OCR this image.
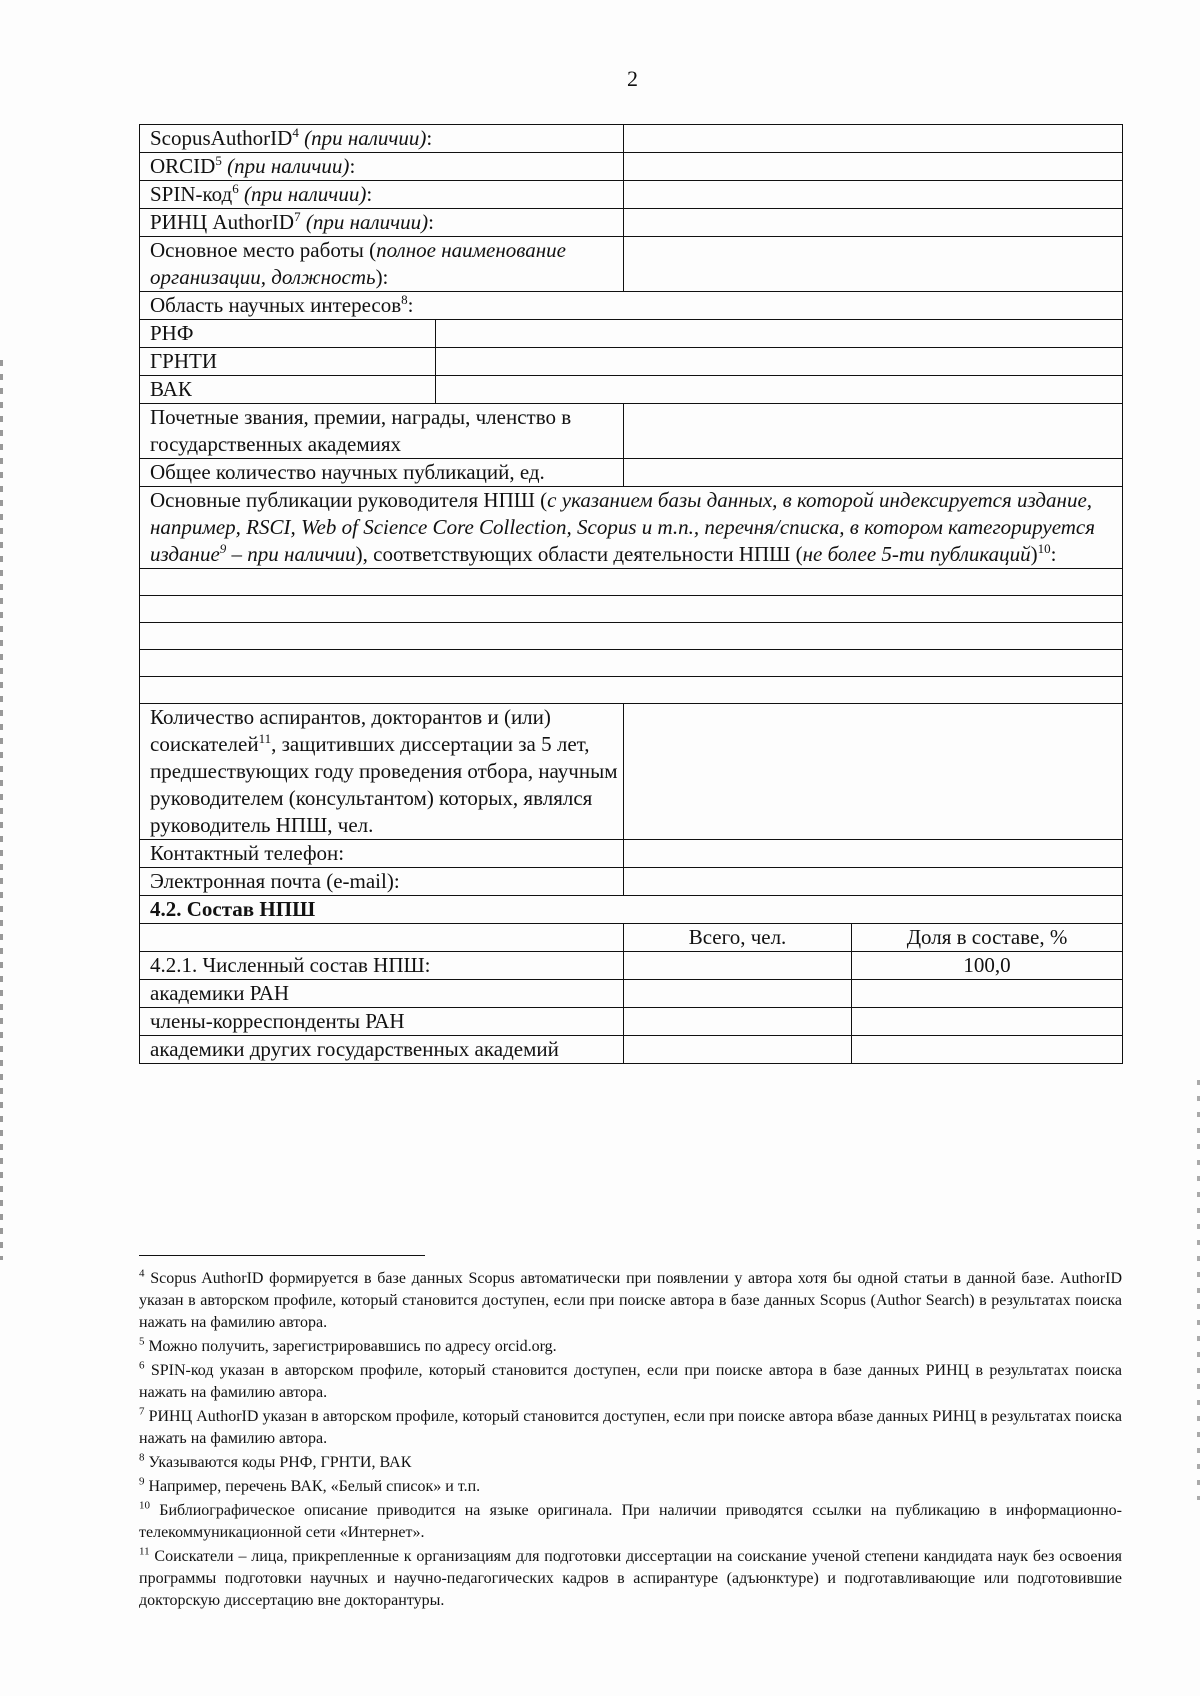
2
ScopusAuthorID$^4$ (при наличии):			
ORCID$^5$ (при наличии):			
SPIN-код$^6$ (при наличии):			
РИНЦ AuthorID$^7$ (при наличии):			
Основное место работы (полное наименование организации, должность):			
Область научных интересов$^8$:			
РНФ			
ГРНТИ			
ВАК			
Почетные звания, премии, награды, членство в государственных академиях			
Общее количество научных публикаций, ед.			
Основные публикации руководителя НПШ (с указанием базы данных, в которой индексируется издание, например, RSCI, Web of Science Core Collection, Scopus и т.п., перечня/списка, в котором категорируется издание$^9$ – при наличии), соответствующих области деятельности НПШ (не более 5-ти публикаций)$^{10}$:			

Количество аспирантов, докторантов и (или) соискателей$^{11}$, защитивших диссертации за 5 лет, предшествующих году проведения отбора, научным руководителем (консультантом) которых, являлся руководитель НПШ, чел.			
Контактный телефон:			
Электронная почта (e-mail):			
4.2. Состав НПШ			
		Всего, чел.	Доля в составе, %
4.2.1. Численный состав НПШ:			100,0
академики РАН			
члены-корреспонденты РАН			
академики других государственных академий			

$^4$ Scopus AuthorID формируется в базе данных Scopus автоматически при появлении у автора хотя бы одной статьи в данной базе. AuthorID указан в авторском профиле, который становится доступен, если при поиске автора в базе данных Scopus (Author Search) в результатах поиска нажать на фамилию автора.

$^5$ Можно получить, зарегистрировавшись по адресу orcid.org.

$^6$ SPIN-код указан в авторском профиле, который становится доступен, если при поиске автора в базе данных РИНЦ в результатах поиска нажать на фамилию автора.

$^7$ РИНЦ AuthorID указан в авторском профиле, который становится доступен, если при поиске автора вбазе данных РИНЦ в результатах поиска нажать на фамилию автора.

$^8$ Указываются коды РНФ, ГРНТИ, ВАК

$^9$ Например, перечень ВАК, «Белый список» и т.п.

$^{10}$ Библиографическое описание приводится на языке оригинала. При наличии приводятся ссылки на публикацию в информационно-телекоммуникационной сети «Интернет».

$^{11}$ Соискатели – лица, прикрепленные к организациям для подготовки диссертации на соискание ученой степени кандидата наук без освоения программы подготовки научных и научно-педагогических кадров в аспирантуре (адъюнктуре) и подготавливающие или подготовившие докторскую диссертацию вне докторантуры.
